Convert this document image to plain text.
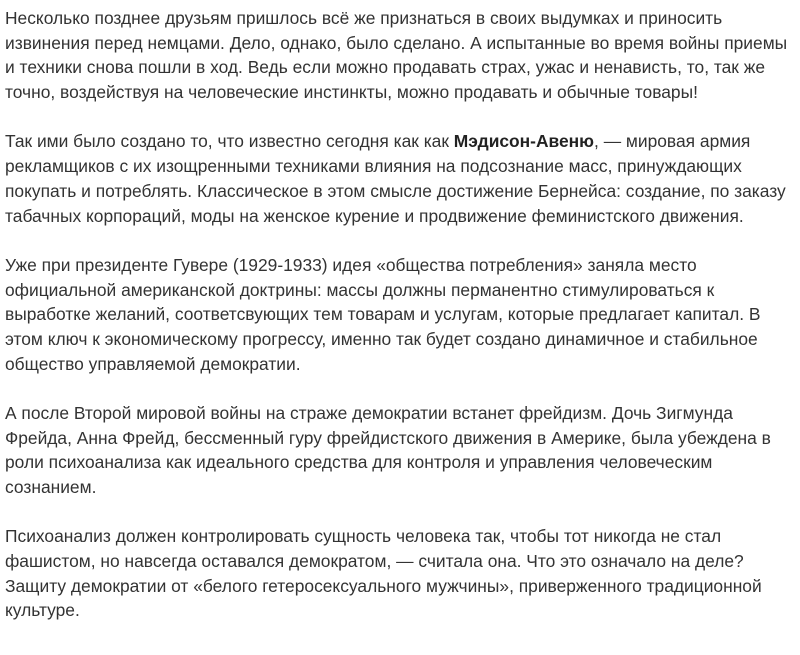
Несколько позднее друзьям пришлось всё же признаться в своих выдумках и приносить
извинения перед немцами. Дело, однако, было сделано. А испытанные во время войны приемы
и техники снова пошли в ход. Ведь если можно продавать страх, ужас и ненависть, то, так же
точно, воздействуя на человеческие инстинкты, можно продавать и обычные товары!

Так ими было создано то, что известно сегодня как как Мэдисон-Авеню, — мировая армия
рекламщиков с их изощренными техниками влияния на подсознание масс, принуждающих
покупать и потреблять. Классическое в этом смысле достижение Бернейса: создание, по заказу
табачных корпораций, моды на женское курение и продвижение феминистского движения.

Уже при президенте Гувере (1929-1933) идея «общества потребления» заняла место
официальной американской доктрины: массы должны перманентно стимулироваться к
выработке желаний, соответсвующих тем товарам и услугам, которые предлагает капитал. В
этом ключ к экономическому прогрессу, именно так будет создано динамичное и стабильное
общество управляемой демократии.

А после Второй мировой войны на страже демократии встанет фрейдизм. Дочь Зигмунда
Фрейда, Анна Фрейд, бессменный гуру фрейдистского движения в Америке, была убеждена в
роли психоанализа как идеального средства для контроля и управления человеческим
сознанием.

Психоанализ должен контролировать сущность человека так, чтобы тот никогда не стал
фашистом, но навсегда оставался демократом, — считала она. Что это означало на деле?
Защиту демократии от «белого гетеросексуального мужчины», приверженного традиционной
культуре.
